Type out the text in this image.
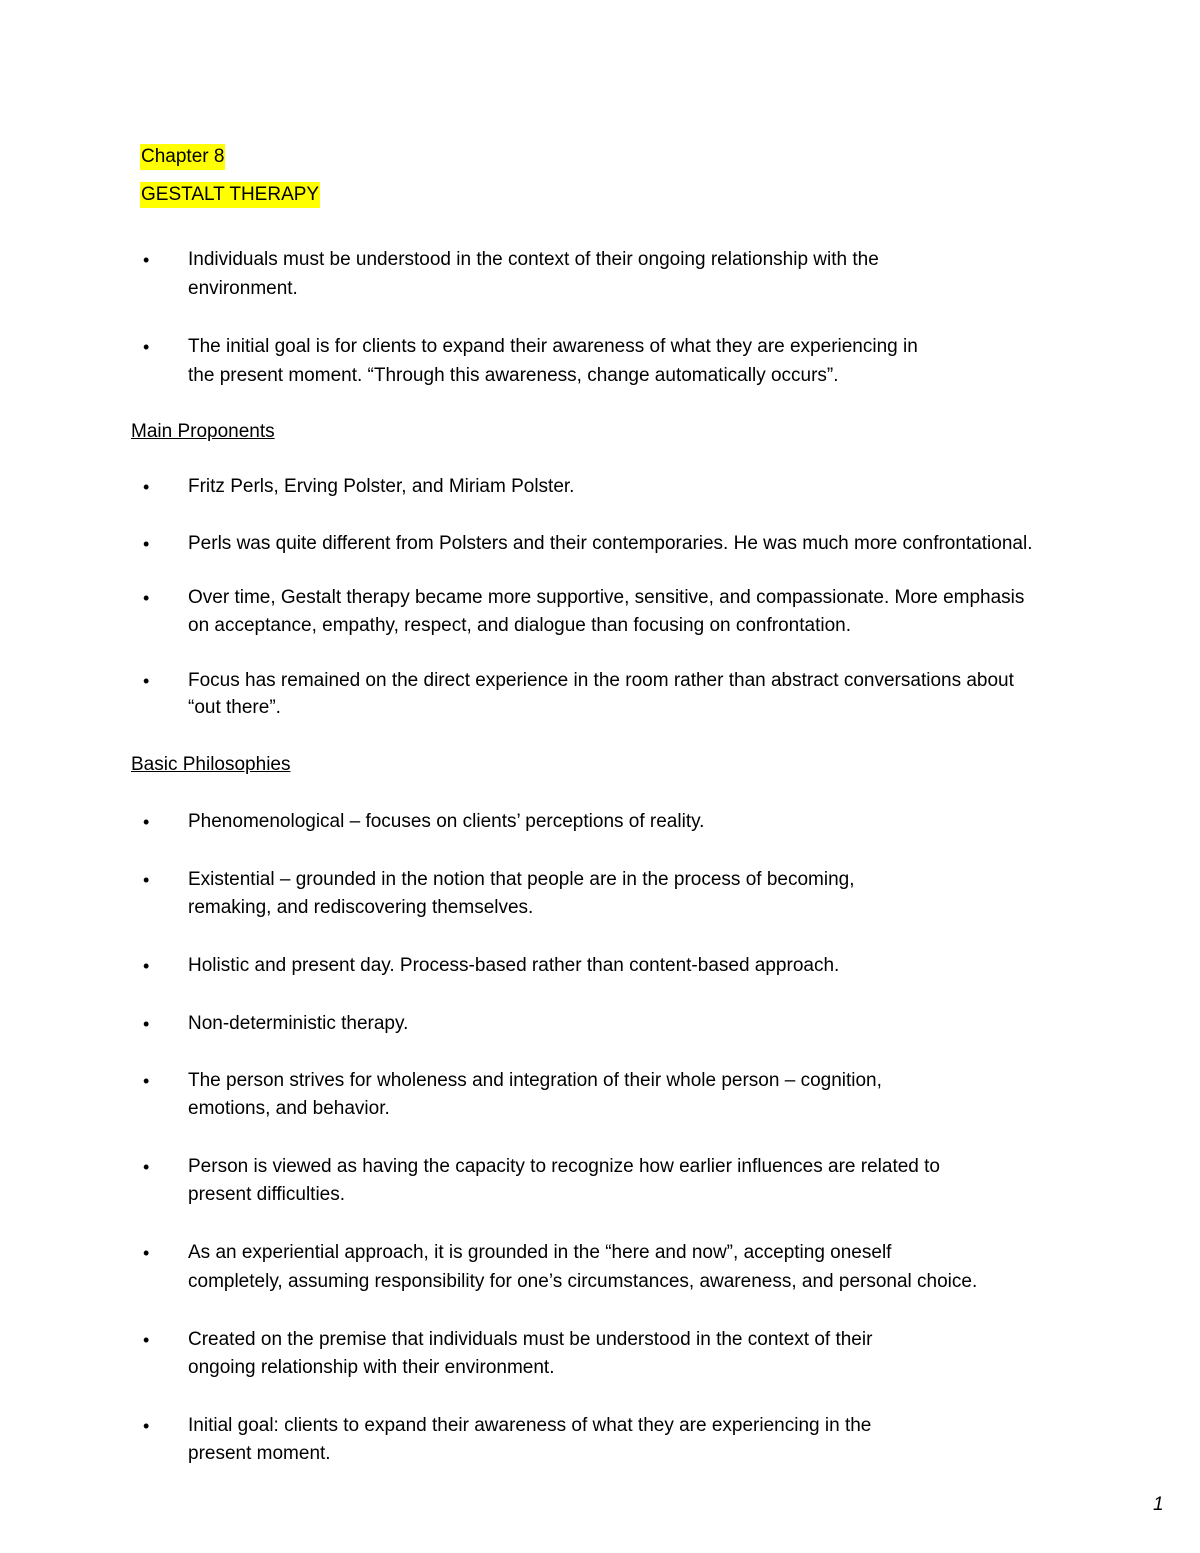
Chapter 8
GESTALT THERAPY
• Individuals must be understood in the context of their ongoing relationship with the
environment.
• The initial goal is for clients to expand their awareness of what they are experiencing in
the present moment. “Through this awareness, change automatically occurs”.
Main Proponents
• Fritz Perls, Erving Polster, and Miriam Polster.
• Perls was quite different from Polsters and their contemporaries. He was much more confrontational.
• Over time, Gestalt therapy became more supportive, sensitive, and compassionate. More emphasis
on acceptance, empathy, respect, and dialogue than focusing on confrontation.
• Focus has remained on the direct experience in the room rather than abstract conversations about
“out there”.
Basic Philosophies
• Phenomenological – focuses on clients’ perceptions of reality.
• Existential – grounded in the notion that people are in the process of becoming,
remaking, and rediscovering themselves.
• Holistic and present day. Process-based rather than content-based approach.
• Non-deterministic therapy.
• The person strives for wholeness and integration of their whole person – cognition,
emotions, and behavior.
• Person is viewed as having the capacity to recognize how earlier influences are related to
present difficulties.
• As an experiential approach, it is grounded in the “here and now”, accepting oneself
completely, assuming responsibility for one’s circumstances, awareness, and personal choice.
• Created on the premise that individuals must be understood in the context of their
ongoing relationship with their environment.
• Initial goal: clients to expand their awareness of what they are experiencing in the
present moment.
1
